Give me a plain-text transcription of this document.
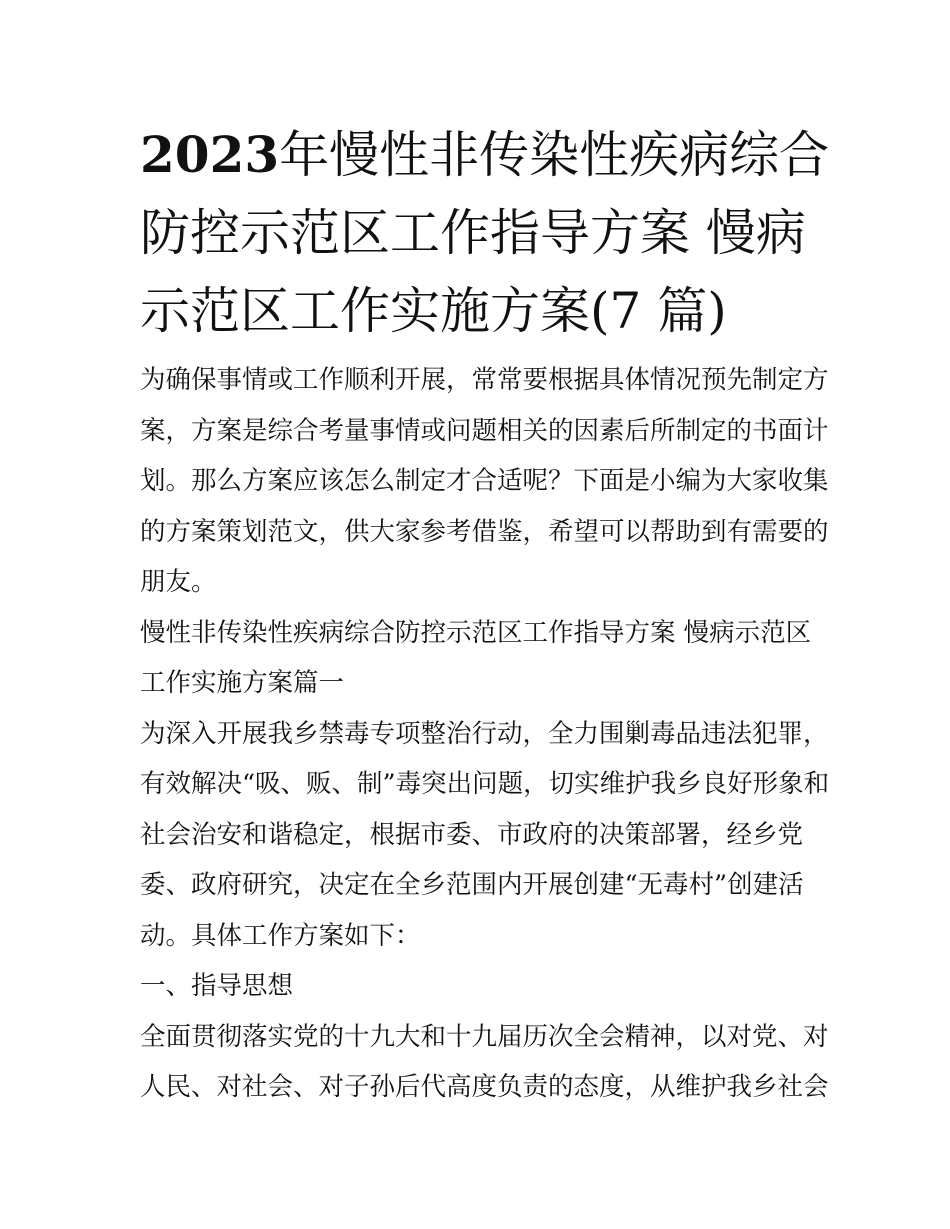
2023年慢性非传染性疾病综合
防控示范区工作指导方案 慢病
示范区工作实施方案(7 篇)

为确保事情或工作顺利开展，常常要根据具体情况预先制定方
案，方案是综合考量事情或问题相关的因素后所制定的书面计
划。那么方案应该怎么制定才合适呢？下面是小编为大家收集
的方案策划范文，供大家参考借鉴，希望可以帮助到有需要的
朋友。

慢性非传染性疾病综合防控示范区工作指导方案 慢病示范区
工作实施方案篇一

为深入开展我乡禁毒专项整治行动，全力围剿毒品违法犯罪，
有效解决“吸、贩、制”毒突出问题，切实维护我乡良好形象和
社会治安和谐稳定，根据市委、市政府的决策部署，经乡党
委、政府研究，决定在全乡范围内开展创建“无毒村”创建活
动。具体工作方案如下：

一、指导思想

全面贯彻落实党的十九大和十九届历次全会精神，以对党、对
人民、对社会、对子孙后代高度负责的态度，从维护我乡社会
